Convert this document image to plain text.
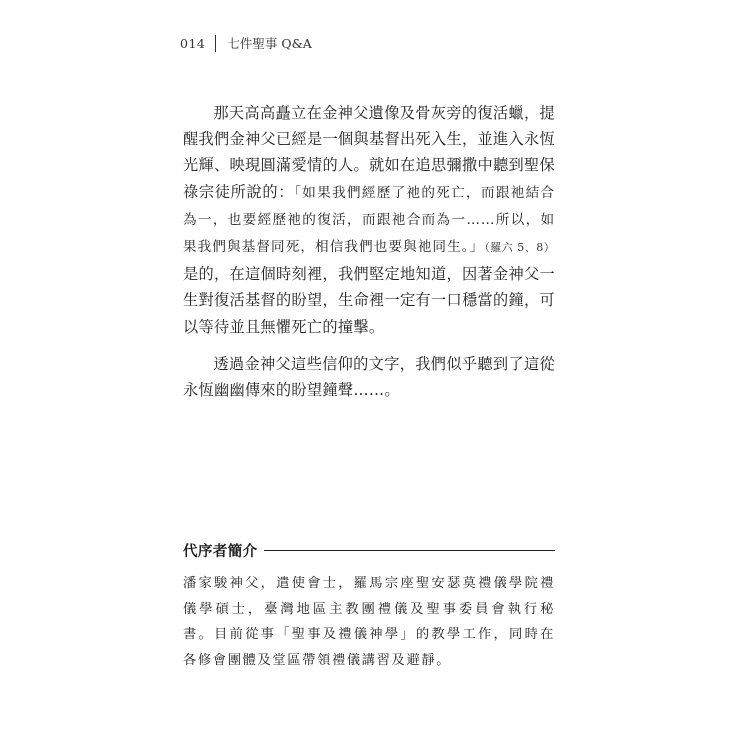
014 七件聖事 Q&A

那天高高矗立在金神父遺像及骨灰旁的復活蠟，提醒我們金神父已經是一個與基督出死入生，並進入永恆光輝、映現圓滿愛情的人。就如在追思彌撒中聽到聖保祿宗徒所說的：「如果我們經歷了祂的死亡，而跟祂結合為一，也要經歷祂的復活，而跟祂合而為一……所以，如果我們與基督同死，相信我們也要與祂同生。」（羅六 5、8）是的，在這個時刻裡，我們堅定地知道，因著金神父一生對復活基督的盼望，生命裡一定有一口穩當的鐘，可以等待並且無懼死亡的撞擊。

透過金神父這些信仰的文字，我們似乎聽到了這從永恆幽幽傳來的盼望鐘聲……。

代序者簡介
潘家駿神父，遣使會士，羅馬宗座聖安瑟莫禮儀學院禮儀學碩士，臺灣地區主教團禮儀及聖事委員會執行秘書。目前從事「聖事及禮儀神學」的教學工作，同時在各修會團體及堂區帶領禮儀講習及避靜。
